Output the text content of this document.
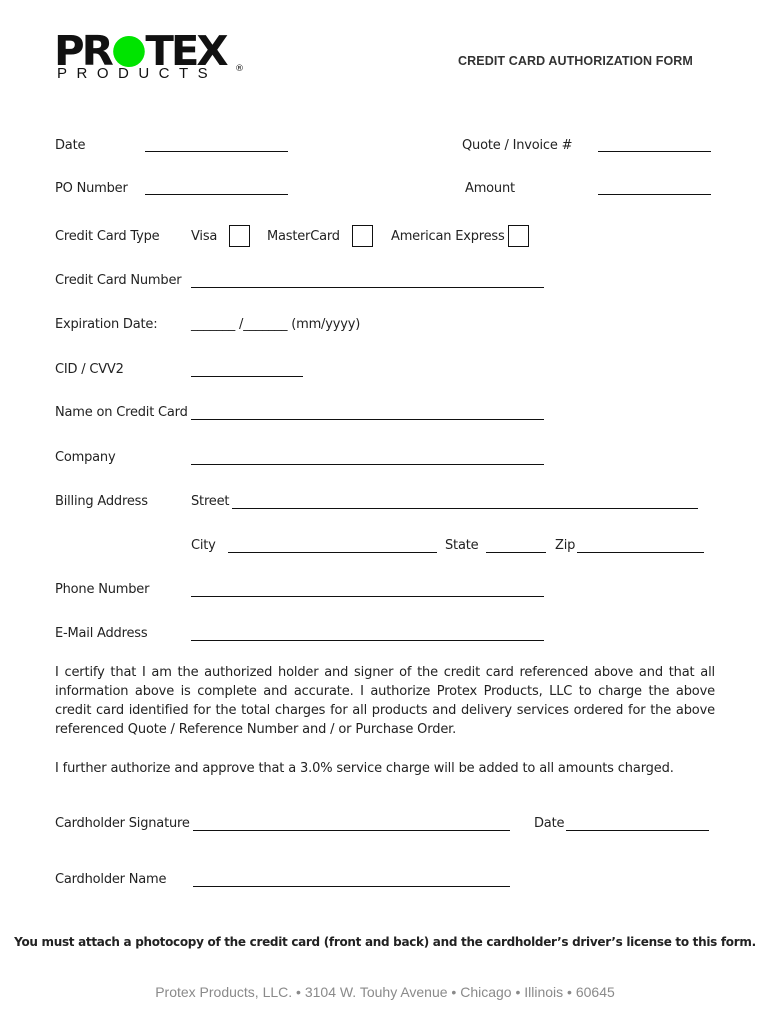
PR TEX
PRODUCTS ®
CREDIT CARD AUTHORIZATION FORM
Date	Quote / Invoice #
PO Number	Amount
Credit Card Type Visa	MasterCard	American Express
Credit Card Number
Expiration Date:	_______ /_______ (mm/yyyy)
CID / CVV2
Name on Credit Card
Company
Billing Address	Street
City	State	Zip
Phone Number
E-Mail Address
I certify that I am the authorized holder and signer of the credit card referenced above and that all information above is complete and accurate. I authorize Protex Products, LLC to charge the above credit card identified for the total charges for all products and delivery services ordered for the above referenced Quote / Reference Number and / or Purchase Order.
I further authorize and approve that a 3.0% service charge will be added to all amounts charged.
Cardholder Signature	Date
Cardholder Name
You must attach a photocopy of the credit card (front and back) and the cardholder’s driver’s license to this form.
Protex Products, LLC. • 3104 W. Touhy Avenue • Chicago • Illinois • 60645
